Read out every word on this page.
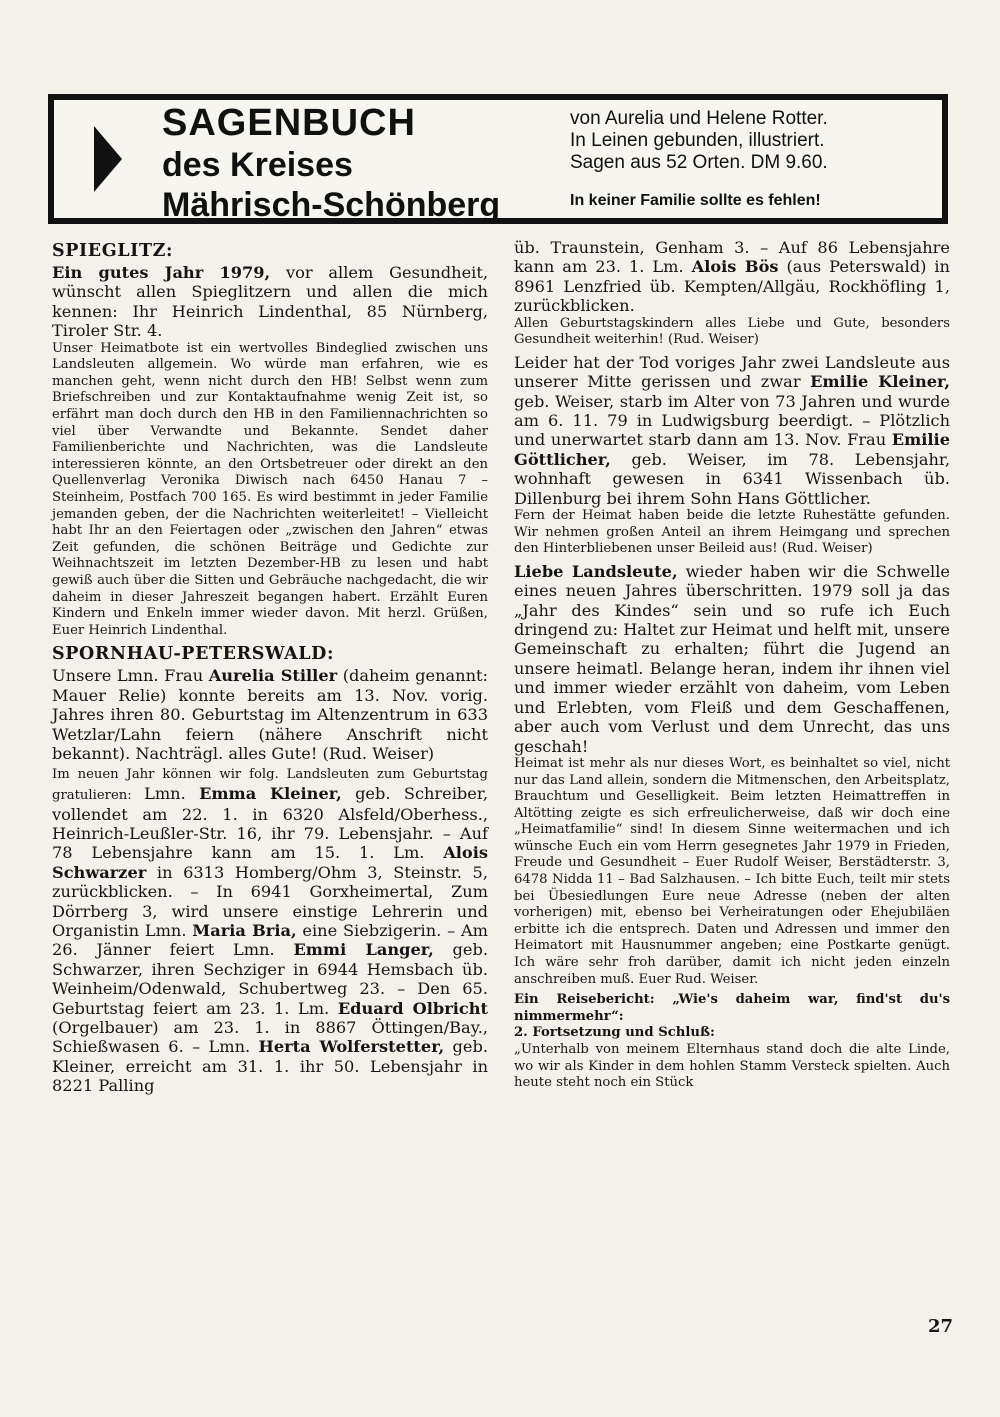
SAGENBUCH
des Kreises
Mährisch-Schönberg
von Aurelia und Helene Rotter.
In Leinen gebunden, illustriert.
Sagen aus 52 Orten. DM 9.60.
In keiner Familie sollte es fehlen!
SPIEGLITZ:

Ein gutes Jahr 1979, vor allem Gesundheit, wünscht allen Spieglitzern und allen die mich kennen: Ihr Heinrich Lindenthal, 85 Nürnberg, Tiroler Str. 4.

Unser Heimatbote ist ein wertvolles Bindeglied zwischen uns Landsleuten allgemein. Wo würde man erfahren, wie es manchen geht, wenn nicht durch den HB! Selbst wenn zum Briefschreiben und zur Kontaktaufnahme wenig Zeit ist, so erfährt man doch durch den HB in den Familiennachrichten so viel über Verwandte und Bekannte. Sendet daher Familienberichte und Nachrichten, was die Landsleute interessieren könnte, an den Ortsbetreuer oder direkt an den Quellenverlag Veronika Diwisch nach 6450 Hanau 7 – Steinheim, Postfach 700 165. Es wird bestimmt in jeder Familie jemanden geben, der die Nachrichten weiterleitet! – Vielleicht habt Ihr an den Feiertagen oder „zwischen den Jahren“ etwas Zeit gefunden, die schönen Beiträge und Gedichte zur Weihnachtszeit im letzten Dezember-HB zu lesen und habt gewiß auch über die Sitten und Gebräuche nachgedacht, die wir daheim in dieser Jahreszeit begangen habert. Erzählt Euren Kindern und Enkeln immer wieder davon. Mit herzl. Grüßen, Euer Heinrich Lindenthal.

SPORNHAU-PETERSWALD:

Unsere Lmn. Frau Aurelia Stiller (daheim genannt: Mauer Relie) konnte bereits am 13. Nov. vorig. Jahres ihren 80. Geburtstag im Altenzentrum in 633 Wetzlar/Lahn feiern (nähere Anschrift nicht bekannt). Nachträgl. alles Gute! (Rud. Weiser)

Im neuen Jahr können wir folg. Landsleuten zum Geburtstag gratulieren: Lmn. Emma Kleiner, geb. Schreiber, vollendet am 22. 1. in 6320 Alsfeld/Oberhess., Heinrich-Leußler-Str. 16, ihr 79. Lebensjahr. – Auf 78 Lebensjahre kann am 15. 1. Lm. Alois Schwarzer in 6313 Homberg/Ohm 3, Steinstr. 5, zurückblicken. – In 6941 Gorxheimertal, Zum Dörrberg 3, wird unsere einstige Lehrerin und Organistin Lmn. Maria Bria, eine Siebzigerin. – Am 26. Jänner feiert Lmn. Emmi Langer, geb. Schwarzer, ihren Sechziger in 6944 Hemsbach üb. Weinheim/Odenwald, Schubertweg 23. – Den 65. Geburtstag feiert am 23. 1. Lm. Eduard Olbricht (Orgelbauer) am 23. 1. in 8867 Öttingen/Bay., Schießwasen 6. – Lmn. Herta Wolferstetter, geb. Kleiner, erreicht am 31. 1. ihr 50. Lebensjahr in 8221 Palling

üb. Traunstein, Genham 3. – Auf 86 Lebensjahre kann am 23. 1. Lm. Alois Bös (aus Peterswald) in 8961 Lenzfried üb. Kempten/Allgäu, Rockhöfling 1, zurückblicken.

Allen Geburtstagskindern alles Liebe und Gute, besonders Gesundheit weiterhin! (Rud. Weiser)

Leider hat der Tod voriges Jahr zwei Landsleute aus unserer Mitte gerissen und zwar Emilie Kleiner, geb. Weiser, starb im Alter von 73 Jahren und wurde am 6. 11. 79 in Ludwigsburg beerdigt. – Plötzlich und unerwartet starb dann am 13. Nov. Frau Emilie Göttlicher, geb. Weiser, im 78. Lebensjahr, wohnhaft gewesen in 6341 Wissenbach üb. Dillenburg bei ihrem Sohn Hans Göttlicher.

Fern der Heimat haben beide die letzte Ruhestätte gefunden. Wir nehmen großen Anteil an ihrem Heimgang und sprechen den Hinterbliebenen unser Beileid aus! (Rud. Weiser)

Liebe Landsleute, wieder haben wir die Schwelle eines neuen Jahres überschritten. 1979 soll ja das „Jahr des Kindes“ sein und so rufe ich Euch dringend zu: Haltet zur Heimat und helft mit, unsere Gemeinschaft zu erhalten; führt die Jugend an unsere heimatl. Belange heran, indem ihr ihnen viel und immer wieder erzählt von daheim, vom Leben und Erlebten, vom Fleiß und dem Geschaffenen, aber auch vom Verlust und dem Unrecht, das uns geschah!

Heimat ist mehr als nur dieses Wort, es beinhaltet so viel, nicht nur das Land allein, sondern die Mitmenschen, den Arbeitsplatz, Brauchtum und Geselligkeit. Beim letzten Heimattreffen in Altötting zeigte es sich erfreulicherweise, daß wir doch eine „Heimatfamilie“ sind! In diesem Sinne weitermachen und ich wünsche Euch ein vom Herrn gesegnetes Jahr 1979 in Frieden, Freude und Gesundheit – Euer Rudolf Weiser, Berstädterstr. 3, 6478 Nidda 11 – Bad Salzhausen. – Ich bitte Euch, teilt mir stets bei Übesiedlungen Eure neue Adresse (neben der alten vorherigen) mit, ebenso bei Verheiratungen oder Ehejubiläen erbitte ich die entsprech. Daten und Adressen und immer den Heimatort mit Hausnummer angeben; eine Postkarte genügt. Ich wäre sehr froh darüber, damit ich nicht jeden einzeln anschreiben muß. Euer Rud. Weiser.

Ein Reisebericht: „Wie's daheim war, find'st du's nimmermehr“:
2. Fortsetzung und Schluß:

„Unterhalb von meinem Elternhaus stand doch die alte Linde, wo wir als Kinder in dem hohlen Stamm Versteck spielten. Auch heute steht noch ein Stück

27
